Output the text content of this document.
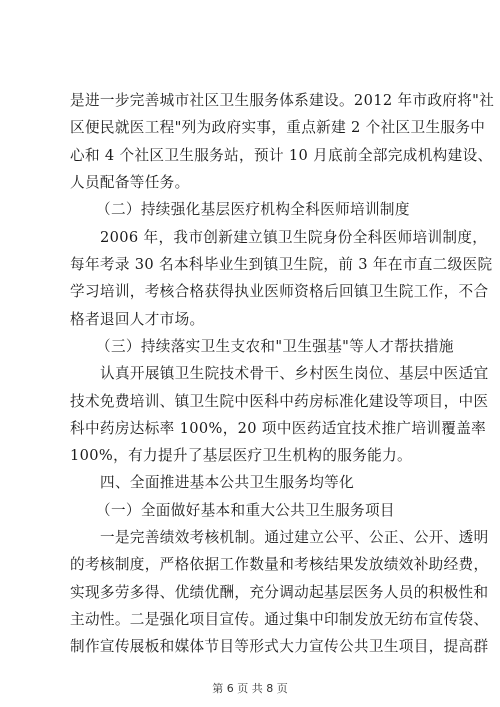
是进一步完善城市社区卫生服务体系建设。2012 年市政府将"社

区便民就医工程"列为政府实事，重点新建 2 个社区卫生服务中

心和 4 个社区卫生服务站，预计 10 月底前全部完成机构建设、

人员配备等任务。

（二）持续强化基层医疗机构全科医师培训制度

2006 年，我市创新建立镇卫生院身份全科医师培训制度，

每年考录 30 名本科毕业生到镇卫生院，前 3 年在市直二级医院

学习培训，考核合格获得执业医师资格后回镇卫生院工作，不合

格者退回人才市场。

（三）持续落实卫生支农和"卫生强基"等人才帮扶措施

认真开展镇卫生院技术骨干、乡村医生岗位、基层中医适宜

技术免费培训、镇卫生院中医科中药房标准化建设等项目，中医

科中药房达标率 100%，20 项中医药适宜技术推广培训覆盖率

100%，有力提升了基层医疗卫生机构的服务能力。

四、全面推进基本公共卫生服务均等化

（一）全面做好基本和重大公共卫生服务项目

一是完善绩效考核机制。通过建立公平、公正、公开、透明

的考核制度，严格依据工作数量和考核结果发放绩效补助经费，

实现多劳多得、优绩优酬，充分调动起基层医务人员的积极性和

主动性。二是强化项目宣传。通过集中印制发放无纺布宣传袋、

制作宣传展板和媒体节目等形式大力宣传公共卫生项目，提高群

第 6 页 共 8 页
